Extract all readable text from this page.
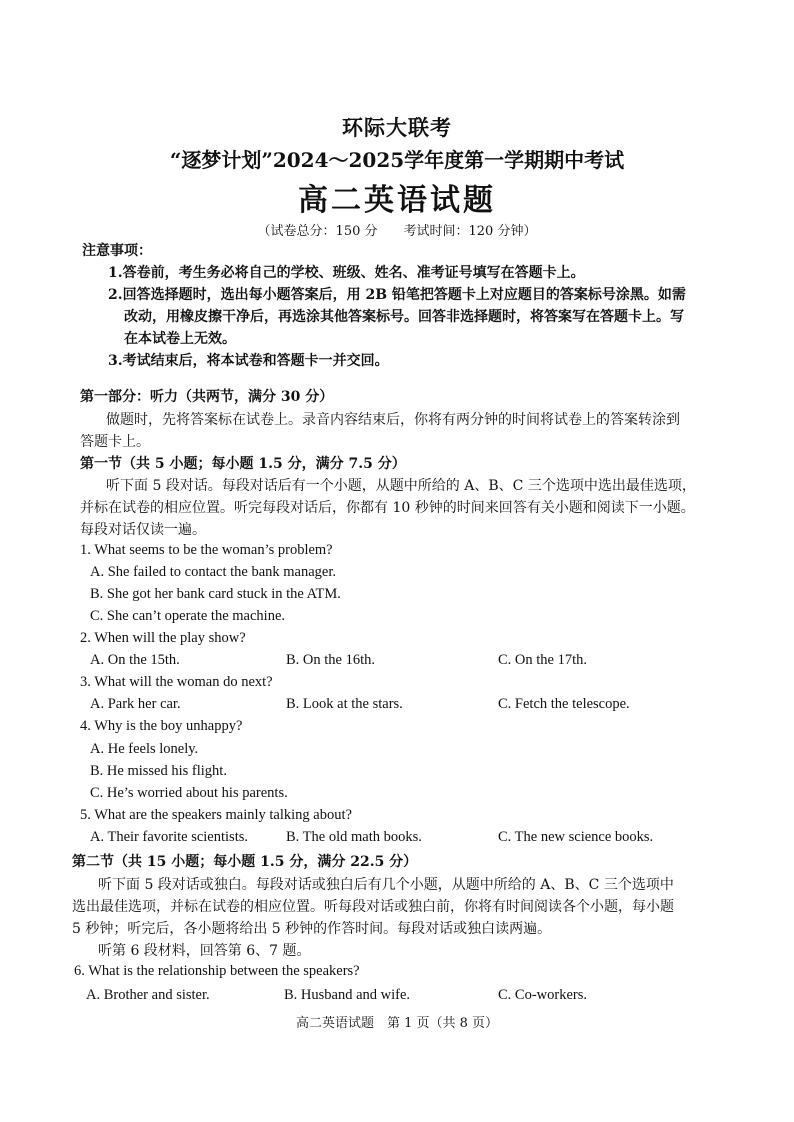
环际大联考
“逐梦计划”2024～2025学年度第一学期期中考试
高二英语试题
（试卷总分：150 分　　考试时间：120 分钟）
注意事项：
1.答卷前，考生务必将自己的学校、班级、姓名、准考证号填写在答题卡上。
2.回答选择题时，选出每小题答案后，用 2B 铅笔把答题卡上对应题目的答案标号涂黑。如需
改动，用橡皮擦干净后，再选涂其他答案标号。回答非选择题时，将答案写在答题卡上。写
在本试卷上无效。
3.考试结束后，将本试卷和答题卡一并交回。
第一部分：听力（共两节，满分 30 分）
做题时，先将答案标在试卷上。录音内容结束后，你将有两分钟的时间将试卷上的答案转涂到
答题卡上。
第一节（共 5 小题；每小题 1.5 分，满分 7.5 分）
听下面 5 段对话。每段对话后有一个小题，从题中所给的 A、B、C 三个选项中选出最佳选项，
并标在试卷的相应位置。听完每段对话后，你都有 10 秒钟的时间来回答有关小题和阅读下一小题。
每段对话仅读一遍。
1. What seems to be the woman’s problem?
A. She failed to contact the bank manager.
B. She got her bank card stuck in the ATM.
C. She can’t operate the machine.
2. When will the play show?
A. On the 15th.	B. On the 16th.	C. On the 17th.
3. What will the woman do next?
A. Park her car.	B. Look at the stars.	C. Fetch the telescope.
4. Why is the boy unhappy?
A. He feels lonely.
B. He missed his flight.
C. He’s worried about his parents.
5. What are the speakers mainly talking about?
A. Their favorite scientists.	B. The old math books.	C. The new science books.
第二节（共 15 小题；每小题 1.5 分，满分 22.5 分）
听下面 5 段对话或独白。每段对话或独白后有几个小题，从题中所给的 A、B、C 三个选项中
选出最佳选项，并标在试卷的相应位置。听每段对话或独白前，你将有时间阅读各个小题，每小题
5 秒钟；听完后，各小题将给出 5 秒钟的作答时间。每段对话或独白读两遍。
听第 6 段材料，回答第 6、7 题。
6. What is the relationship between the speakers?
A. Brother and sister.	B. Husband and wife.	C. Co-workers.
高二英语试题　第 1 页（共 8 页）
